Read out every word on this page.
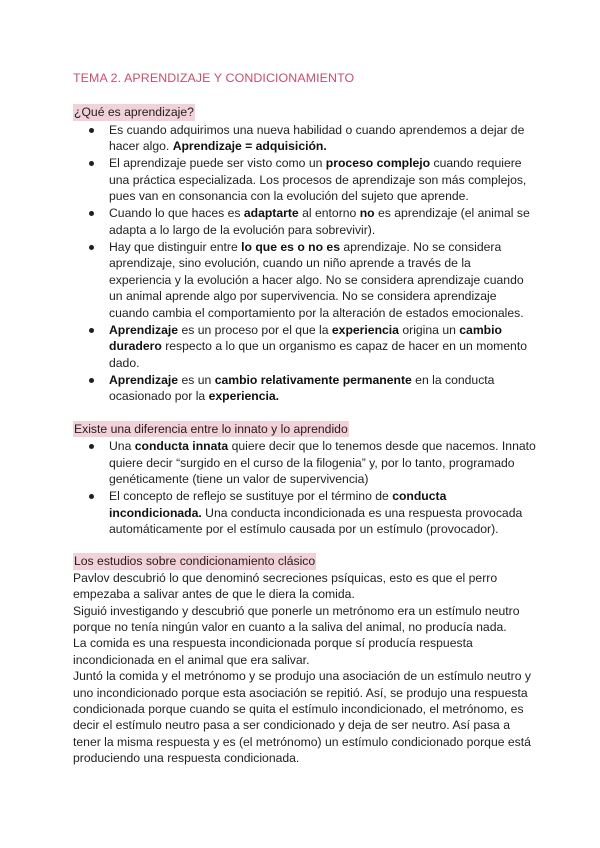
TEMA 2. APRENDIZAJE Y CONDICIONAMIENTO
¿Qué es aprendizaje?
Es cuando adquirimos una nueva habilidad o cuando aprendemos a dejar de hacer algo. Aprendizaje = adquisición.
El aprendizaje puede ser visto como un proceso complejo cuando requiere una práctica especializada. Los procesos de aprendizaje son más complejos, pues van en consonancia con la evolución del sujeto que aprende.
Cuando lo que haces es adaptarte al entorno no es aprendizaje (el animal se adapta a lo largo de la evolución para sobrevivir).
Hay que distinguir entre lo que es o no es aprendizaje. No se considera aprendizaje, sino evolución, cuando un niño aprende a través de la experiencia y la evolución a hacer algo. No se considera aprendizaje cuando un animal aprende algo por supervivencia. No se considera aprendizaje cuando cambia el comportamiento por la alteración de estados emocionales.
Aprendizaje es un proceso por el que la experiencia origina un cambio duradero respecto a lo que un organismo es capaz de hacer en un momento dado.
Aprendizaje es un cambio relativamente permanente en la conducta ocasionado por la experiencia.
Existe una diferencia entre lo innato y lo aprendido
Una conducta innata quiere decir que lo tenemos desde que nacemos. Innato quiere decir “surgido en el curso de la filogenia” y, por lo tanto, programado genéticamente (tiene un valor de supervivencia)
El concepto de reflejo se sustituye por el término de conducta incondicionada. Una conducta incondicionada es una respuesta provocada automáticamente por el estímulo causada por un estímulo (provocador).
Los estudios sobre condicionamiento clásico

Pavlov descubrió lo que denominó secreciones psíquicas, esto es que el perro empezaba a salivar antes de que le diera la comida.

Siguió investigando y descubrió que ponerle un metrónomo era un estímulo neutro porque no tenía ningún valor en cuanto a la saliva del animal, no producía nada.

La comida es una respuesta incondicionada porque sí producía respuesta incondicionada en el animal que era salivar.

Juntó la comida y el metrónomo y se produjo una asociación de un estímulo neutro y uno incondicionado porque esta asociación se repitió. Así, se produjo una respuesta condicionada porque cuando se quita el estímulo incondicionado, el metrónomo, es decir el estímulo neutro pasa a ser condicionado y deja de ser neutro. Así pasa a tener la misma respuesta y es (el metrónomo) un estímulo condicionado porque está produciendo una respuesta condicionada.
